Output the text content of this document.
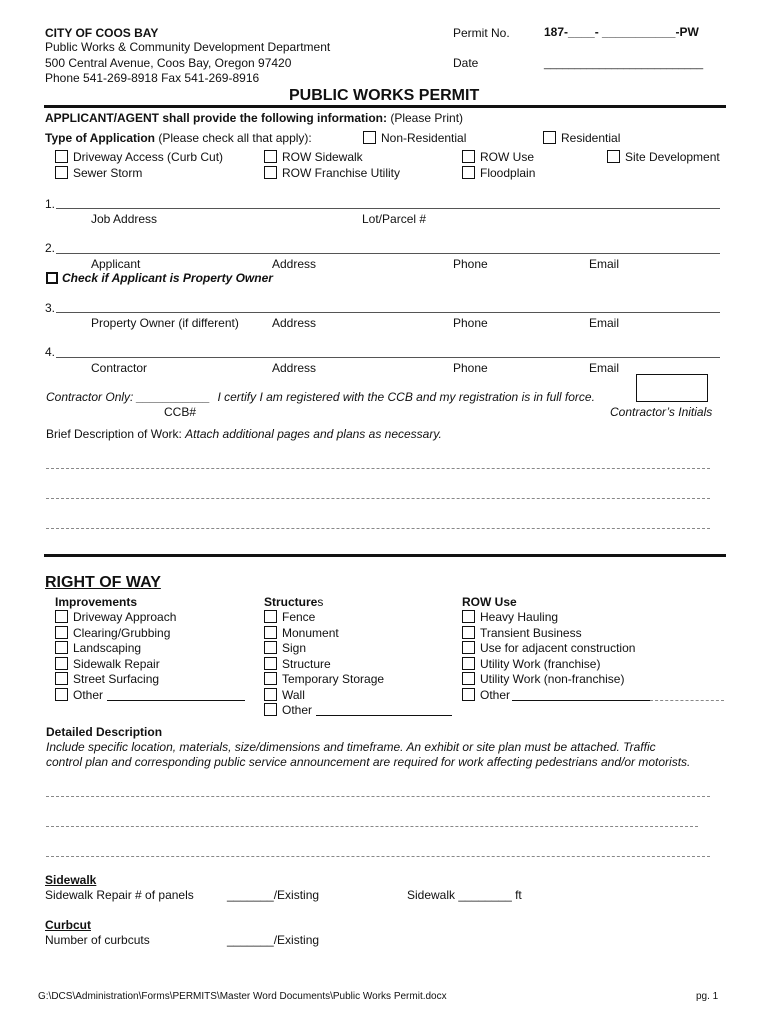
CITY OF COOS BAY
Public Works & Community Development Department
500 Central Avenue, Coos Bay, Oregon 97420
Phone 541-269-8918 Fax 541-269-8916
Permit No.	187-____- ___________-PW
Date	__________________________
PUBLIC WORKS PERMIT
APPLICANT/AGENT shall provide the following information: (Please Print)
Type of Application (Please check all that apply):	Non-Residential	Residential
Driveway Access (Curb Cut)	ROW Sidewalk	ROW Use	Site Development
Sewer Storm	ROW Franchise Utility	Floodplain
1.
Job Address	Lot/Parcel #
2.
Applicant	Address	Phone	Email
Check if Applicant is Property Owner
3.
Property Owner (if different)	Address	Phone	Email
4.
Contractor	Address	Phone	Email
Contractor Only: ___________ I certify I am registered with the CCB and my registration is in full force.
CCB#	Contractor’s Initials
Brief Description of Work: Attach additional pages and plans as necessary.
RIGHT OF WAY
Improvements
Driveway Approach
Clearing/Grubbing
Landscaping
Sidewalk Repair
Street Surfacing
Other
Structures
Fence
Monument
Sign
Structure
Temporary Storage
Wall
Other
ROW Use
Heavy Hauling
Transient Business
Use for adjacent construction
Utility Work (franchise)
Utility Work (non-franchise)
Other
Detailed Description
Include specific location, materials, size/dimensions and timeframe. An exhibit or site plan must be attached. Traffic
control plan and corresponding public service announcement are required for work affecting pedestrians and/or motorists.
Sidewalk
Sidewalk Repair # of panels	_______/Existing	Sidewalk ________ ft
Curbcut
Number of curbcuts	_______/Existing
G:\DCS\Administration\Forms\PERMITS\Master Word Documents\Public Works Permit.docx	pg. 1
